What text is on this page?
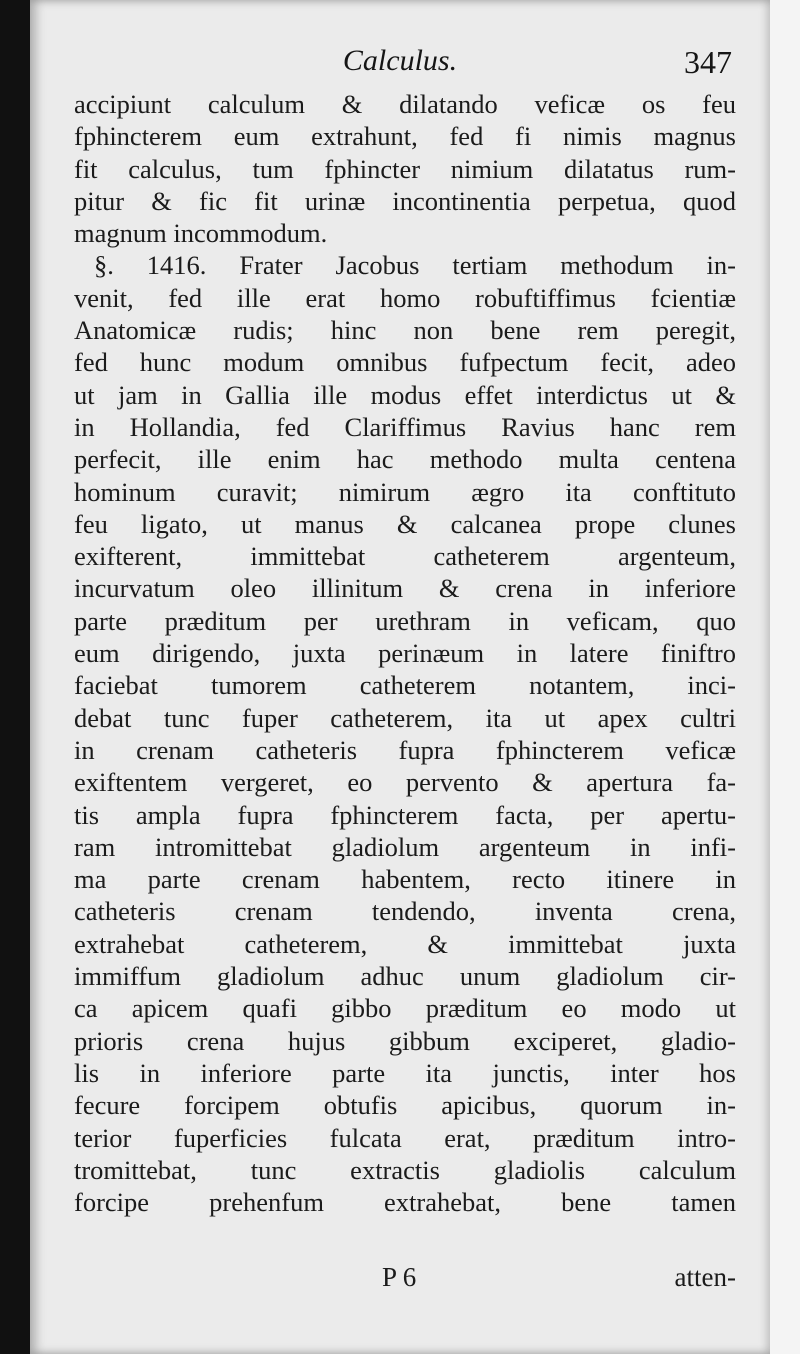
Calculus.	347
accipiunt calculum & dilatando veficæ os feu
fphincterem eum extrahunt, fed fi nimis magnus
fit calculus, tum fphincter nimium dilatatus rum-
pitur & fic fit urinæ incontinentia perpetua, quod
magnum incommodum.
§. 1416. Frater Jacobus tertiam methodum in-
venit, fed ille erat homo robuftiffimus fcientiæ
Anatomicæ rudis; hinc non bene rem peregit,
fed hunc modum omnibus fufpectum fecit, adeo
ut jam in Gallia ille modus effet interdictus ut &
in Hollandia, fed Clariffimus Ravius hanc rem
perfecit, ille enim hac methodo multa centena
hominum curavit; nimirum ægro ita conftituto
feu ligato, ut manus & calcanea prope clunes
exifterent, immittebat catheterem argenteum,
incurvatum oleo illinitum & crena in inferiore
parte præditum per urethram in veficam, quo
eum dirigendo, juxta perinæum in latere finiftro
faciebat tumorem catheterem notantem, inci-
debat tunc fuper catheterem, ita ut apex cultri
in crenam catheteris fupra fphincterem veficæ
exiftentem vergeret, eo pervento & apertura fa-
tis ampla fupra fphincterem facta, per apertu-
ram intromittebat gladiolum argenteum in infi-
ma parte crenam habentem, recto itinere in
catheteris crenam tendendo, inventa crena,
extrahebat catheterem, & immittebat juxta
immiffum gladiolum adhuc unum gladiolum cir-
ca apicem quafi gibbo præditum eo modo ut
prioris crena hujus gibbum exciperet, gladio-
lis in inferiore parte ita junctis, inter hos
fecure forcipem obtufis apicibus, quorum in-
terior fuperficies fulcata erat, præditum intro-
tromittebat, tunc extractis gladiolis calculum
forcipe prehenfum extrahebat, bene tamen
P 6	atten-
